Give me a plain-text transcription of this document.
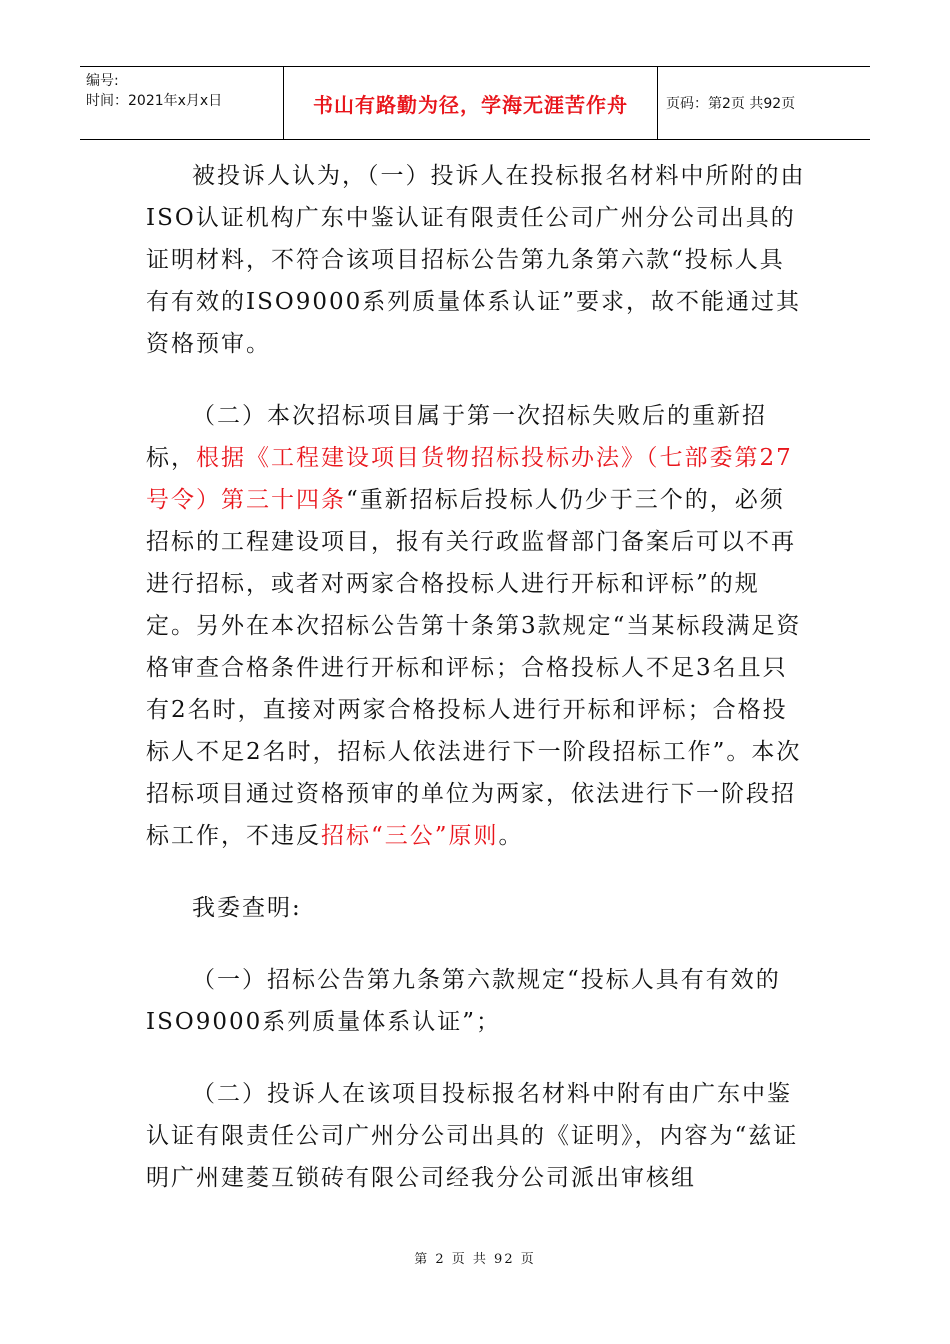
编号:
时间：2021年x月x日	书山有路勤为径，学海无涯苦作舟	页码：第2页 共92页

被投诉人认为，（一）投诉人在投标报名材料中所附的由ISO认证机构广东中鉴认证有限责任公司广州分公司出具的证明材料，不符合该项目招标公告第九条第六款“投标人具有有效的ISO9000系列质量体系认证”要求，故不能通过其资格预审。

（二）本次招标项目属于第一次招标失败后的重新招标，根据《工程建设项目货物招标投标办法》（七部委第27号令）第三十四条“重新招标后投标人仍少于三个的，必须招标的工程建设项目，报有关行政监督部门备案后可以不再进行招标，或者对两家合格投标人进行开标和评标”的规定。另外在本次招标公告第十条第3款规定“当某标段满足资格审查合格条件进行开标和评标；合格投标人不足3名且只有2名时，直接对两家合格投标人进行开标和评标；合格投标人不足2名时，招标人依法进行下一阶段招标工作”。本次招标项目通过资格预审的单位为两家，依法进行下一阶段招标工作，不违反招标“三公”原则。

我委查明:

（一）招标公告第九条第六款规定“投标人具有有效的ISO9000系列质量体系认证”；

（二）投诉人在该项目投标报名材料中附有由广东中鉴认证有限责任公司广州分公司出具的《证明》，内容为“兹证明广州建菱互锁砖有限公司经我分公司派出审核组

第 2 页 共 92 页
